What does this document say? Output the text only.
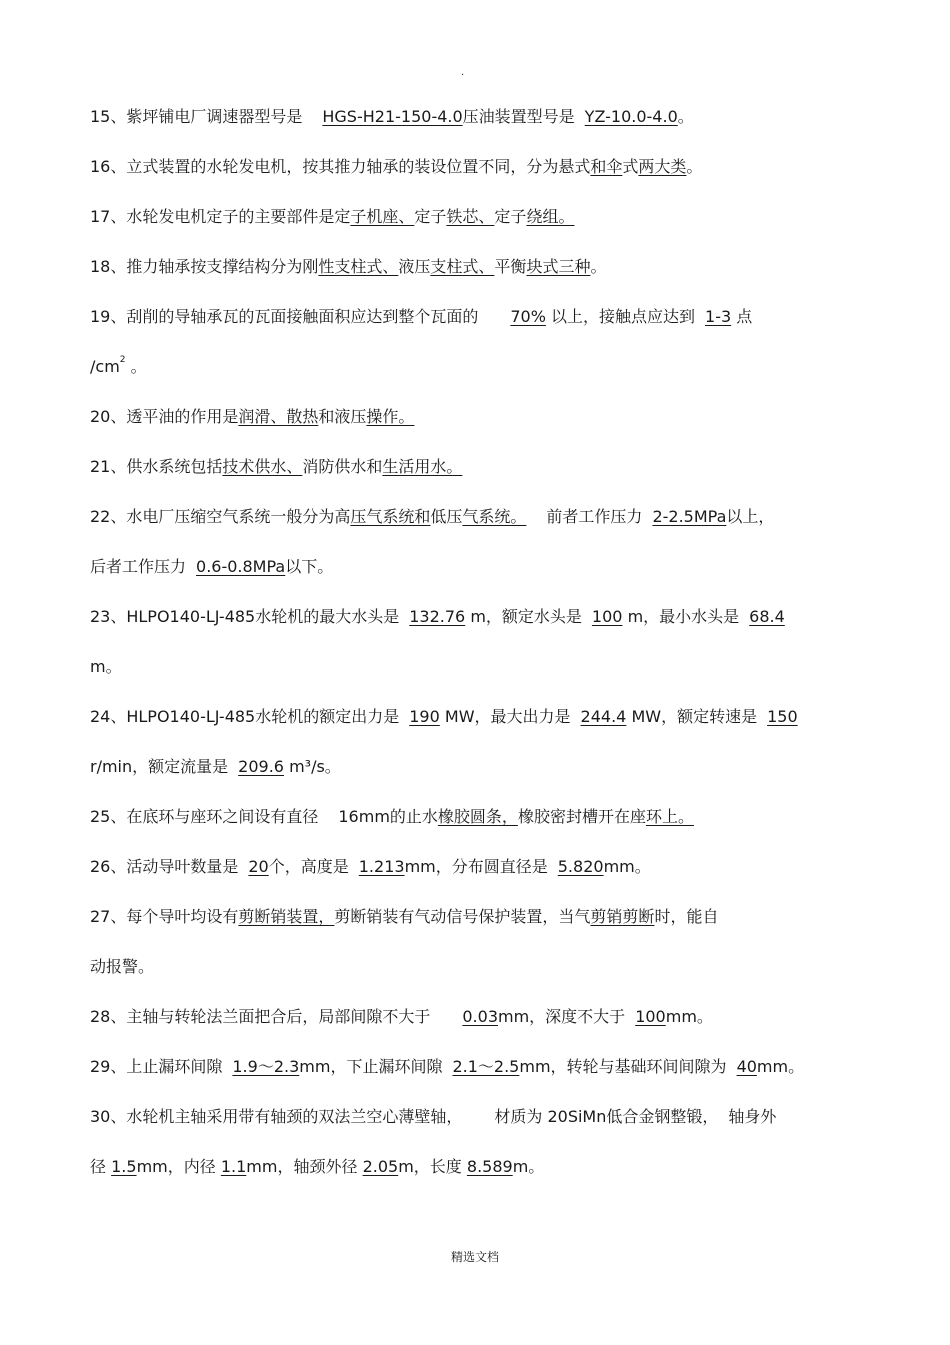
.
15、紫坪铺电厂调速器型号是 HGS-H21-150-4.0压油装置型号是 YZ-10.0-4.0。
16、立式装置的水轮发电机，按其推力轴承的装设位置不同，分为悬式和伞式两大类。
17、水轮发电机定子的主要部件是定子机座、定子铁芯、定子绕组。
18、推力轴承按支撑结构分为刚性支柱式、液压支柱式、平衡块式三种。
19、刮削的导轴承瓦的瓦面接触面积应达到整个瓦面的 70% 以上，接触点应达到 1-3 点
$/cm^2$ 。
20、透平油的作用是润滑、散热和液压操作。
21、供水系统包括技术供水、消防供水和生活用水。
22、水电厂压缩空气系统一般分为高压气系统和低压气系统。 前者工作压力 2-2.5MPa以上，
后者工作压力 0.6-0.8MPa以下。
23、HLPO140-LJ-485水轮机的最大水头是 132.76 m，额定水头是 100 m，最小水头是 68.4
m。
24、HLPO140-LJ-485水轮机的额定出力是 190 MW，最大出力是 244.4 MW，额定转速是 150
r/min，额定流量是 209.6 m³/s。
25、在底环与座环之间设有直径 16mm的止水橡胶圆条，橡胶密封槽开在座环上。
26、活动导叶数量是 20个，高度是 1.213mm，分布圆直径是 5.820mm。
27、每个导叶均设有剪断销装置，剪断销装有气动信号保护装置，当气剪销剪断时，能自
动报警。
28、主轴与转轮法兰面把合后，局部间隙不大于 0.03mm，深度不大于 100mm。
29、上止漏环间隙 1.9～2.3mm，下止漏环间隙 2.1～2.5mm，转轮与基础环间间隙为 40mm。
30、水轮机主轴采用带有轴颈的双法兰空心薄壁轴， 材质为 20SiMn低合金钢整锻， 轴身外
径 1.5mm，内径 1.1mm，轴颈外径 2.05m，长度 8.589m。
精选文档
